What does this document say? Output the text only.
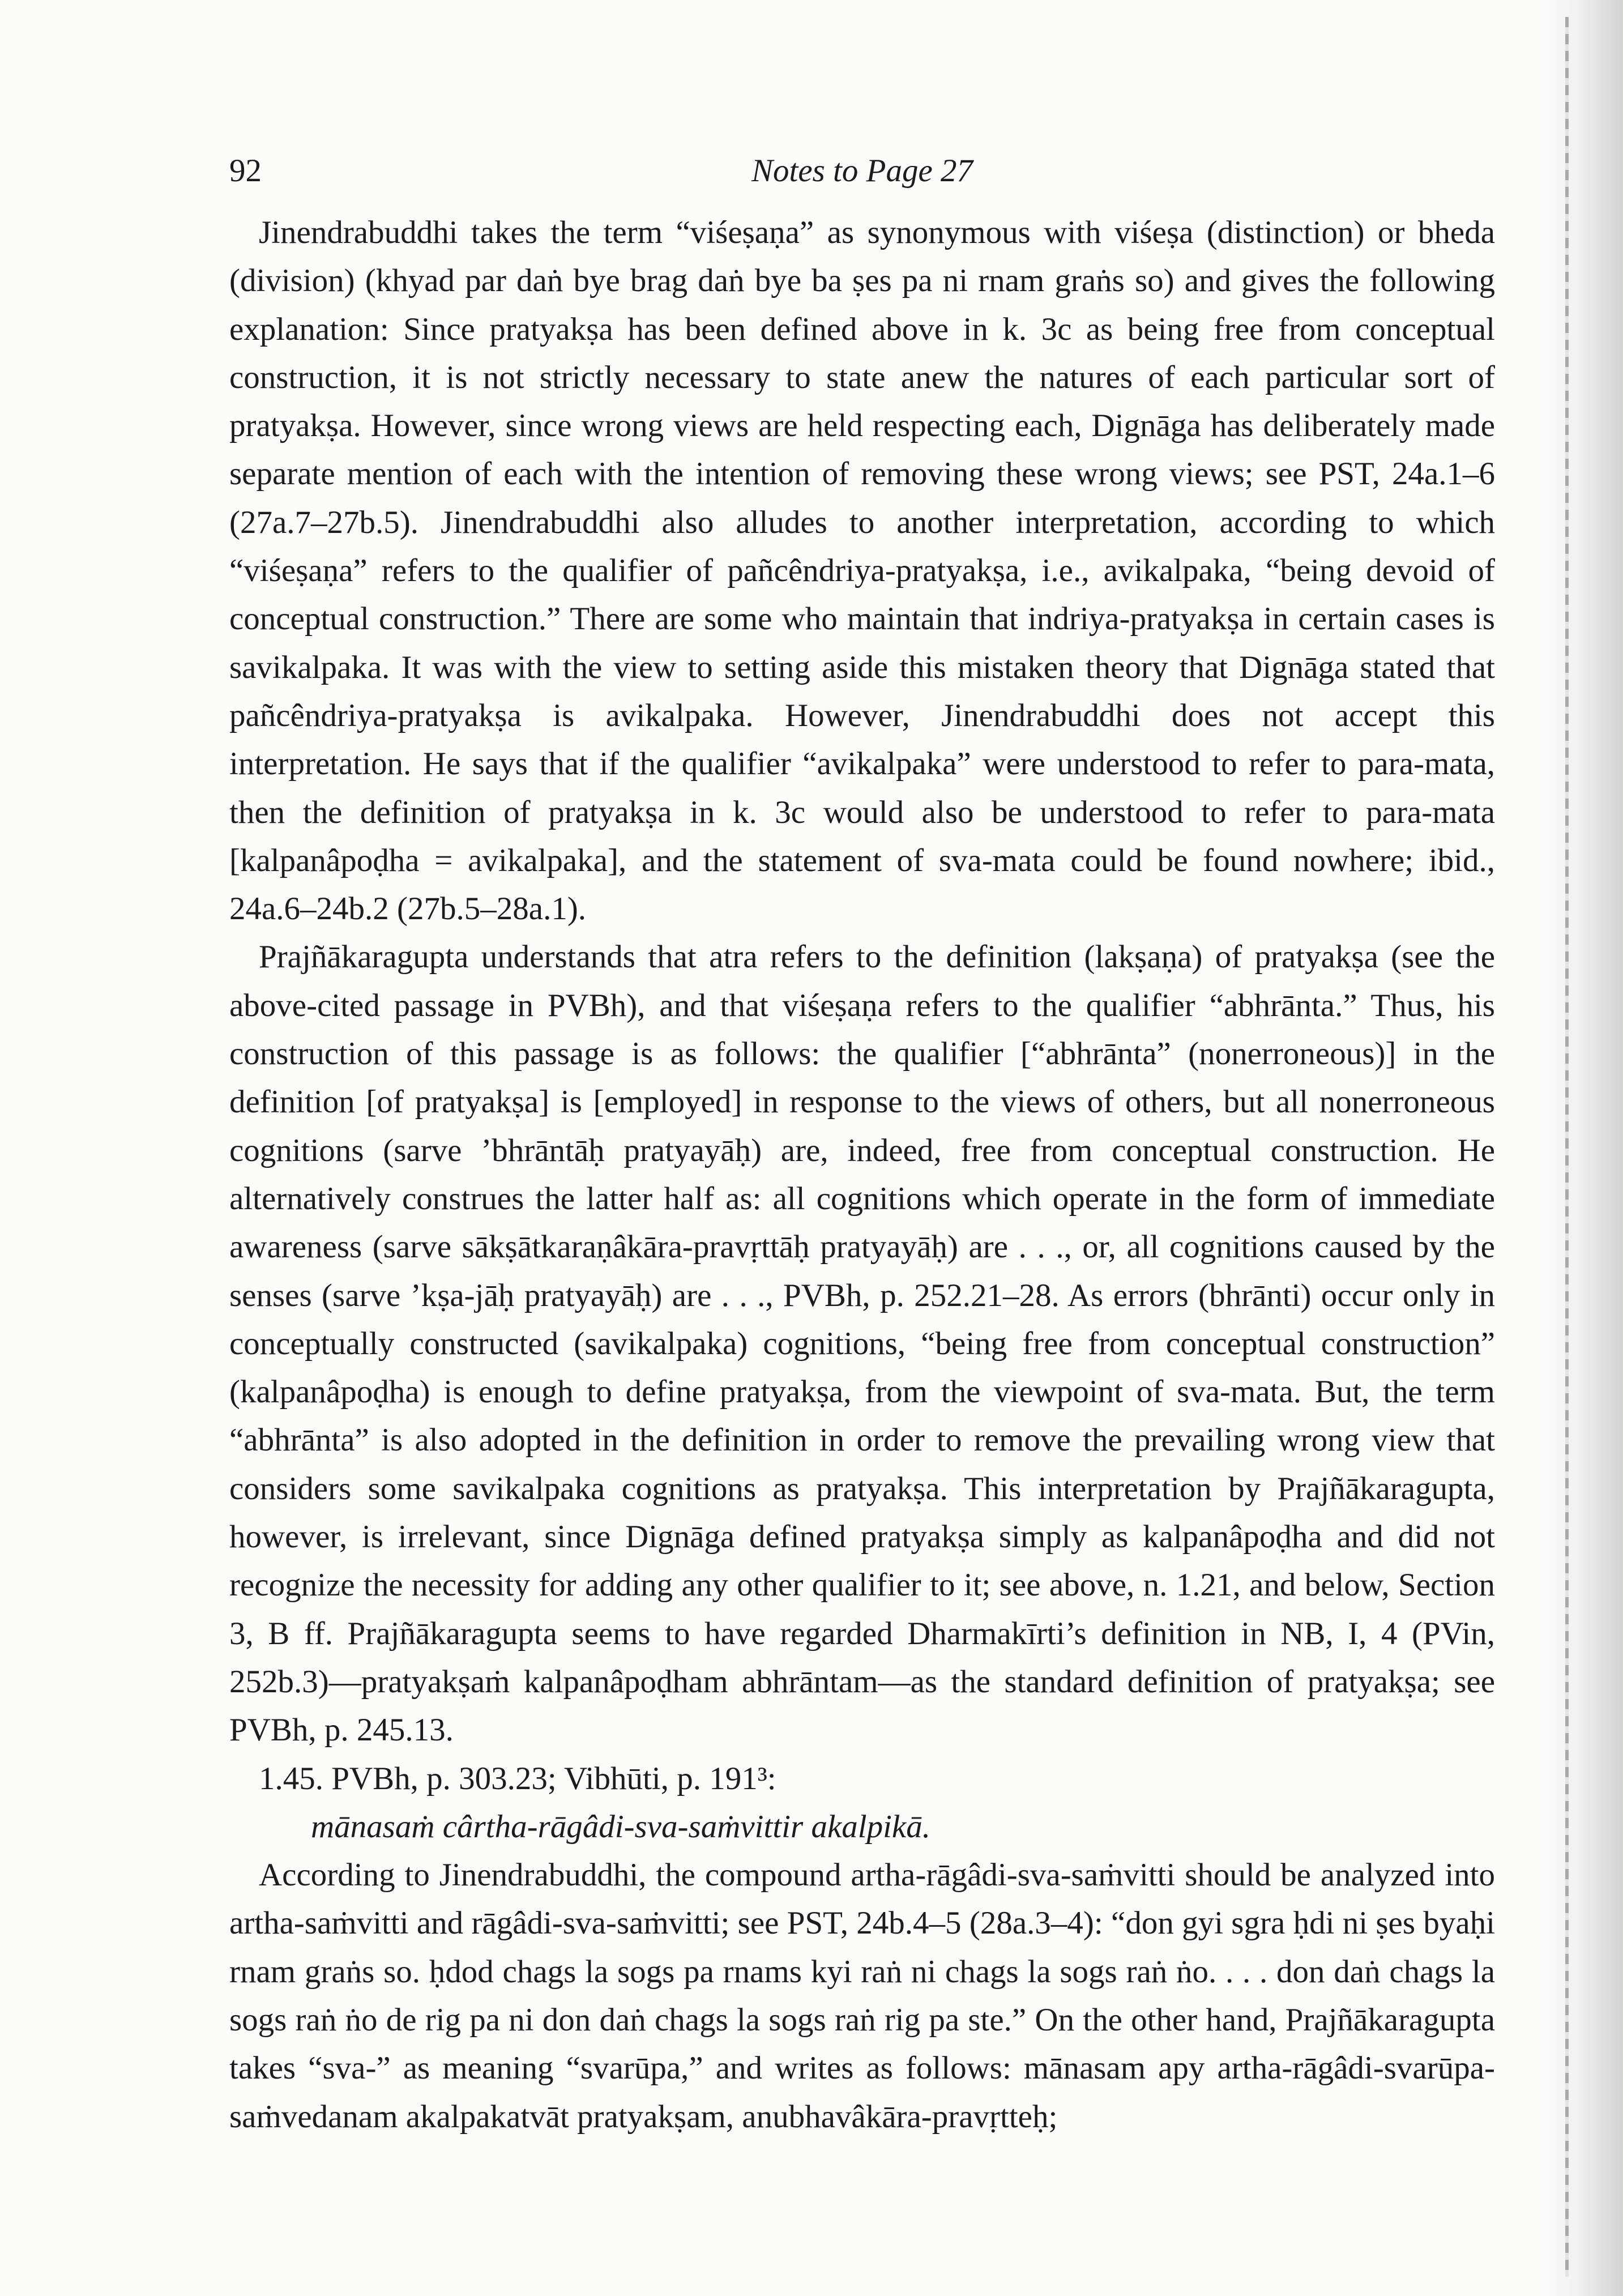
92	Notes to Page 27

Jinendrabuddhi takes the term “viśeṣaṇa” as synonymous with viśeṣa (distinction) or bheda (division) (khyad par daṅ bye brag daṅ bye ba ṣes pa ni rnam graṅs so) and gives the following explanation: Since pratyakṣa has been defined above in k. 3c as being free from conceptual construction, it is not strictly necessary to state anew the natures of each particular sort of pratyakṣa. However, since wrong views are held respecting each, Dignāga has deliberately made separate mention of each with the intention of removing these wrong views; see PST, 24a.1–6 (27a.7–27b.5). Jinendrabuddhi also alludes to another interpretation, according to which “viśeṣaṇa” refers to the qualifier of pañcêndriya-pratyakṣa, i.e., avikalpaka, “being devoid of conceptual construction.” There are some who maintain that indriya-pratyakṣa in certain cases is savikalpaka. It was with the view to setting aside this mistaken theory that Dignāga stated that pañcêndriya-pratyakṣa is avikalpaka. However, Jinendrabuddhi does not accept this interpretation. He says that if the qualifier “avikalpaka” were understood to refer to para-mata, then the definition of pratyakṣa in k. 3c would also be understood to refer to para-mata [kalpanâpoḍha = avikalpaka], and the statement of sva-mata could be found nowhere; ibid., 24a.6–24b.2 (27b.5–28a.1).

Prajñākaragupta understands that atra refers to the definition (lakṣaṇa) of pratyakṣa (see the above-cited passage in PVBh), and that viśeṣaṇa refers to the qualifier “abhrānta.” Thus, his construction of this passage is as follows: the qualifier [“abhrānta” (nonerroneous)] in the definition [of pratyakṣa] is [employed] in response to the views of others, but all nonerroneous cognitions (sarve ’bhrāntāḥ pratyayāḥ) are, indeed, free from conceptual construction. He alternatively construes the latter half as: all cognitions which operate in the form of immediate awareness (sarve sākṣātkaraṇâkāra-pravṛttāḥ pratyayāḥ) are . . ., or, all cognitions caused by the senses (sarve ’kṣa-jāḥ pratyayāḥ) are . . ., PVBh, p. 252.21–28. As errors (bhrānti) occur only in conceptually constructed (savikalpaka) cognitions, “being free from conceptual construction” (kalpanâpoḍha) is enough to define pratyakṣa, from the viewpoint of sva-mata. But, the term “abhrānta” is also adopted in the definition in order to remove the prevailing wrong view that considers some savikalpaka cognitions as pratyakṣa. This interpretation by Prajñākaragupta, however, is irrelevant, since Dignāga defined pratyakṣa simply as kalpanâpoḍha and did not recognize the necessity for adding any other qualifier to it; see above, n. 1.21, and below, Section 3, B ff. Prajñākaragupta seems to have regarded Dharmakīrti’s definition in NB, I, 4 (PVin, 252b.3)—pratyakṣaṁ kalpanâpoḍham abhrāntam—as the standard definition of pratyakṣa; see PVBh, p. 245.13.

1.45. PVBh, p. 303.23; Vibhūti, p. 191³:

mānasaṁ cârtha-rāgâdi-sva-saṁvittir akalpikā.

According to Jinendrabuddhi, the compound artha-rāgâdi-sva-saṁvitti should be analyzed into artha-saṁvitti and rāgâdi-sva-saṁvitti; see PST, 24b.4–5 (28a.3–4): “don gyi sgra ḥdi ni ṣes byaḥi rnam graṅs so. ḥdod chags la sogs pa rnams kyi raṅ ni chags la sogs raṅ ṅo. . . . don daṅ chags la sogs raṅ ṅo de rig pa ni don daṅ chags la sogs raṅ rig pa ste.” On the other hand, Prajñākaragupta takes “sva-” as meaning “svarūpa,” and writes as follows: mānasam apy artha-rāgâdi-svarūpa-saṁvedanam akalpakatvāt pratyakṣam, anubhavâkāra-pravṛtteḥ;
